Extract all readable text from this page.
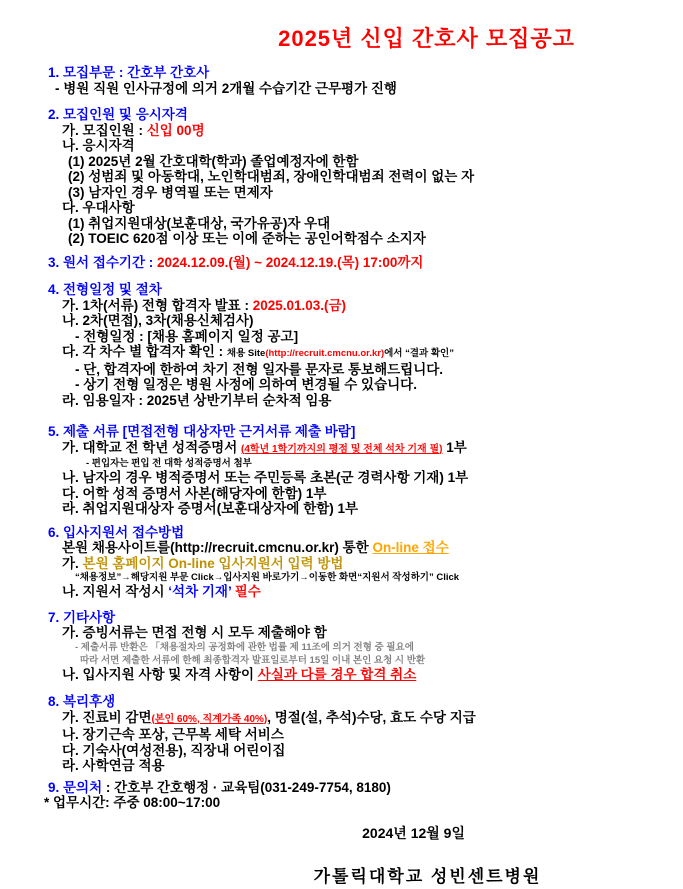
2025년 신입 간호사 모집공고
1. 모집부문 : 간호부 간호사
- 병원 직원 인사규정에 의거 2개월 수습기간 근무평가 진행
2. 모집인원 및 응시자격
가. 모집인원 : 신입 00명
나. 응시자격
(1) 2025년 2월 간호대학(학과) 졸업예정자에 한함
(2) 성범죄 및 아동학대, 노인학대범죄, 장애인학대범죄 전력이 없는 자
(3) 남자인 경우 병역필 또는 면제자
다. 우대사항
(1) 취업지원대상(보훈대상, 국가유공)자 우대
(2) TOEIC 620점 이상 또는 이에 준하는 공인어학점수 소지자
3. 원서 접수기간 : 2024.12.09.(월) ~ 2024.12.19.(목) 17:00까지
4. 전형일정 및 절차
가. 1차(서류) 전형 합격자 발표 : 2025.01.03.(금)
나. 2차(면접), 3차(채용신체검사)
- 전형일정 : [채용 홈페이지 일정 공고]
다. 각 차수 별 합격자 확인 : 채용 Site(http://recruit.cmcnu.or.kr)에서 “결과 확인”
- 단, 합격자에 한하여 차기 전형 일자를 문자로 통보해드립니다.
- 상기 전형 일정은 병원 사정에 의하여 변경될 수 있습니다.
라. 임용일자 : 2025년 상반기부터 순차적 임용
5. 제출 서류 [면접전형 대상자만 근거서류 제출 바람]
가. 대학교 전 학년 성적증명서 (4학년 1학기까지의 평점 및 전체 석차 기재 필) 1부
- 편입자는 편입 전 대학 성적증명서 첨부
나. 남자의 경우 병적증명서 또는 주민등록 초본(군 경력사항 기재) 1부
다. 어학 성적 증명서 사본(해당자에 한함) 1부
라. 취업지원대상자 증명서(보훈대상자에 한함) 1부
6. 입사지원서 접수방법
본원 채용사이트를(http://recruit.cmcnu.or.kr) 통한 On-line 접수
가. 본원 홈페이지 On-line 입사지원서 입력 방법
“채용정보”→해당지원 부문 Click→입사지원 바로가기→이동한 화면“지원서 작성하기” Click
나. 지원서 작성시 ‘석차 기재’ 필수
7. 기타사항
가. 증빙서류는 면접 전형 시 모두 제출해야 함
- 제출서류 반환은 「채용절차의 공정화에 관한 법률 제 11조에 의거 전형 중 필요에
따라 서면 제출한 서류에 한해 최종합격자 발표일로부터 15일 이내 본인 요청 시 반환
나. 입사지원 사항 및 자격 사항이 사실과 다를 경우 합격 취소
8. 복리후생
가. 진료비 감면(본인 60%, 직계가족 40%), 명절(설, 추석)수당, 효도 수당 지급
나. 장기근속 포상, 근무복 세탁 서비스
다. 기숙사(여성전용), 직장내 어린이집
라. 사학연금 적용
9. 문의처 : 간호부 간호행정 · 교육팀(031-249-7754, 8180)
* 업무시간: 주중 08:00~17:00
2024년 12월 9일
가톨릭대학교 성빈센트병원
